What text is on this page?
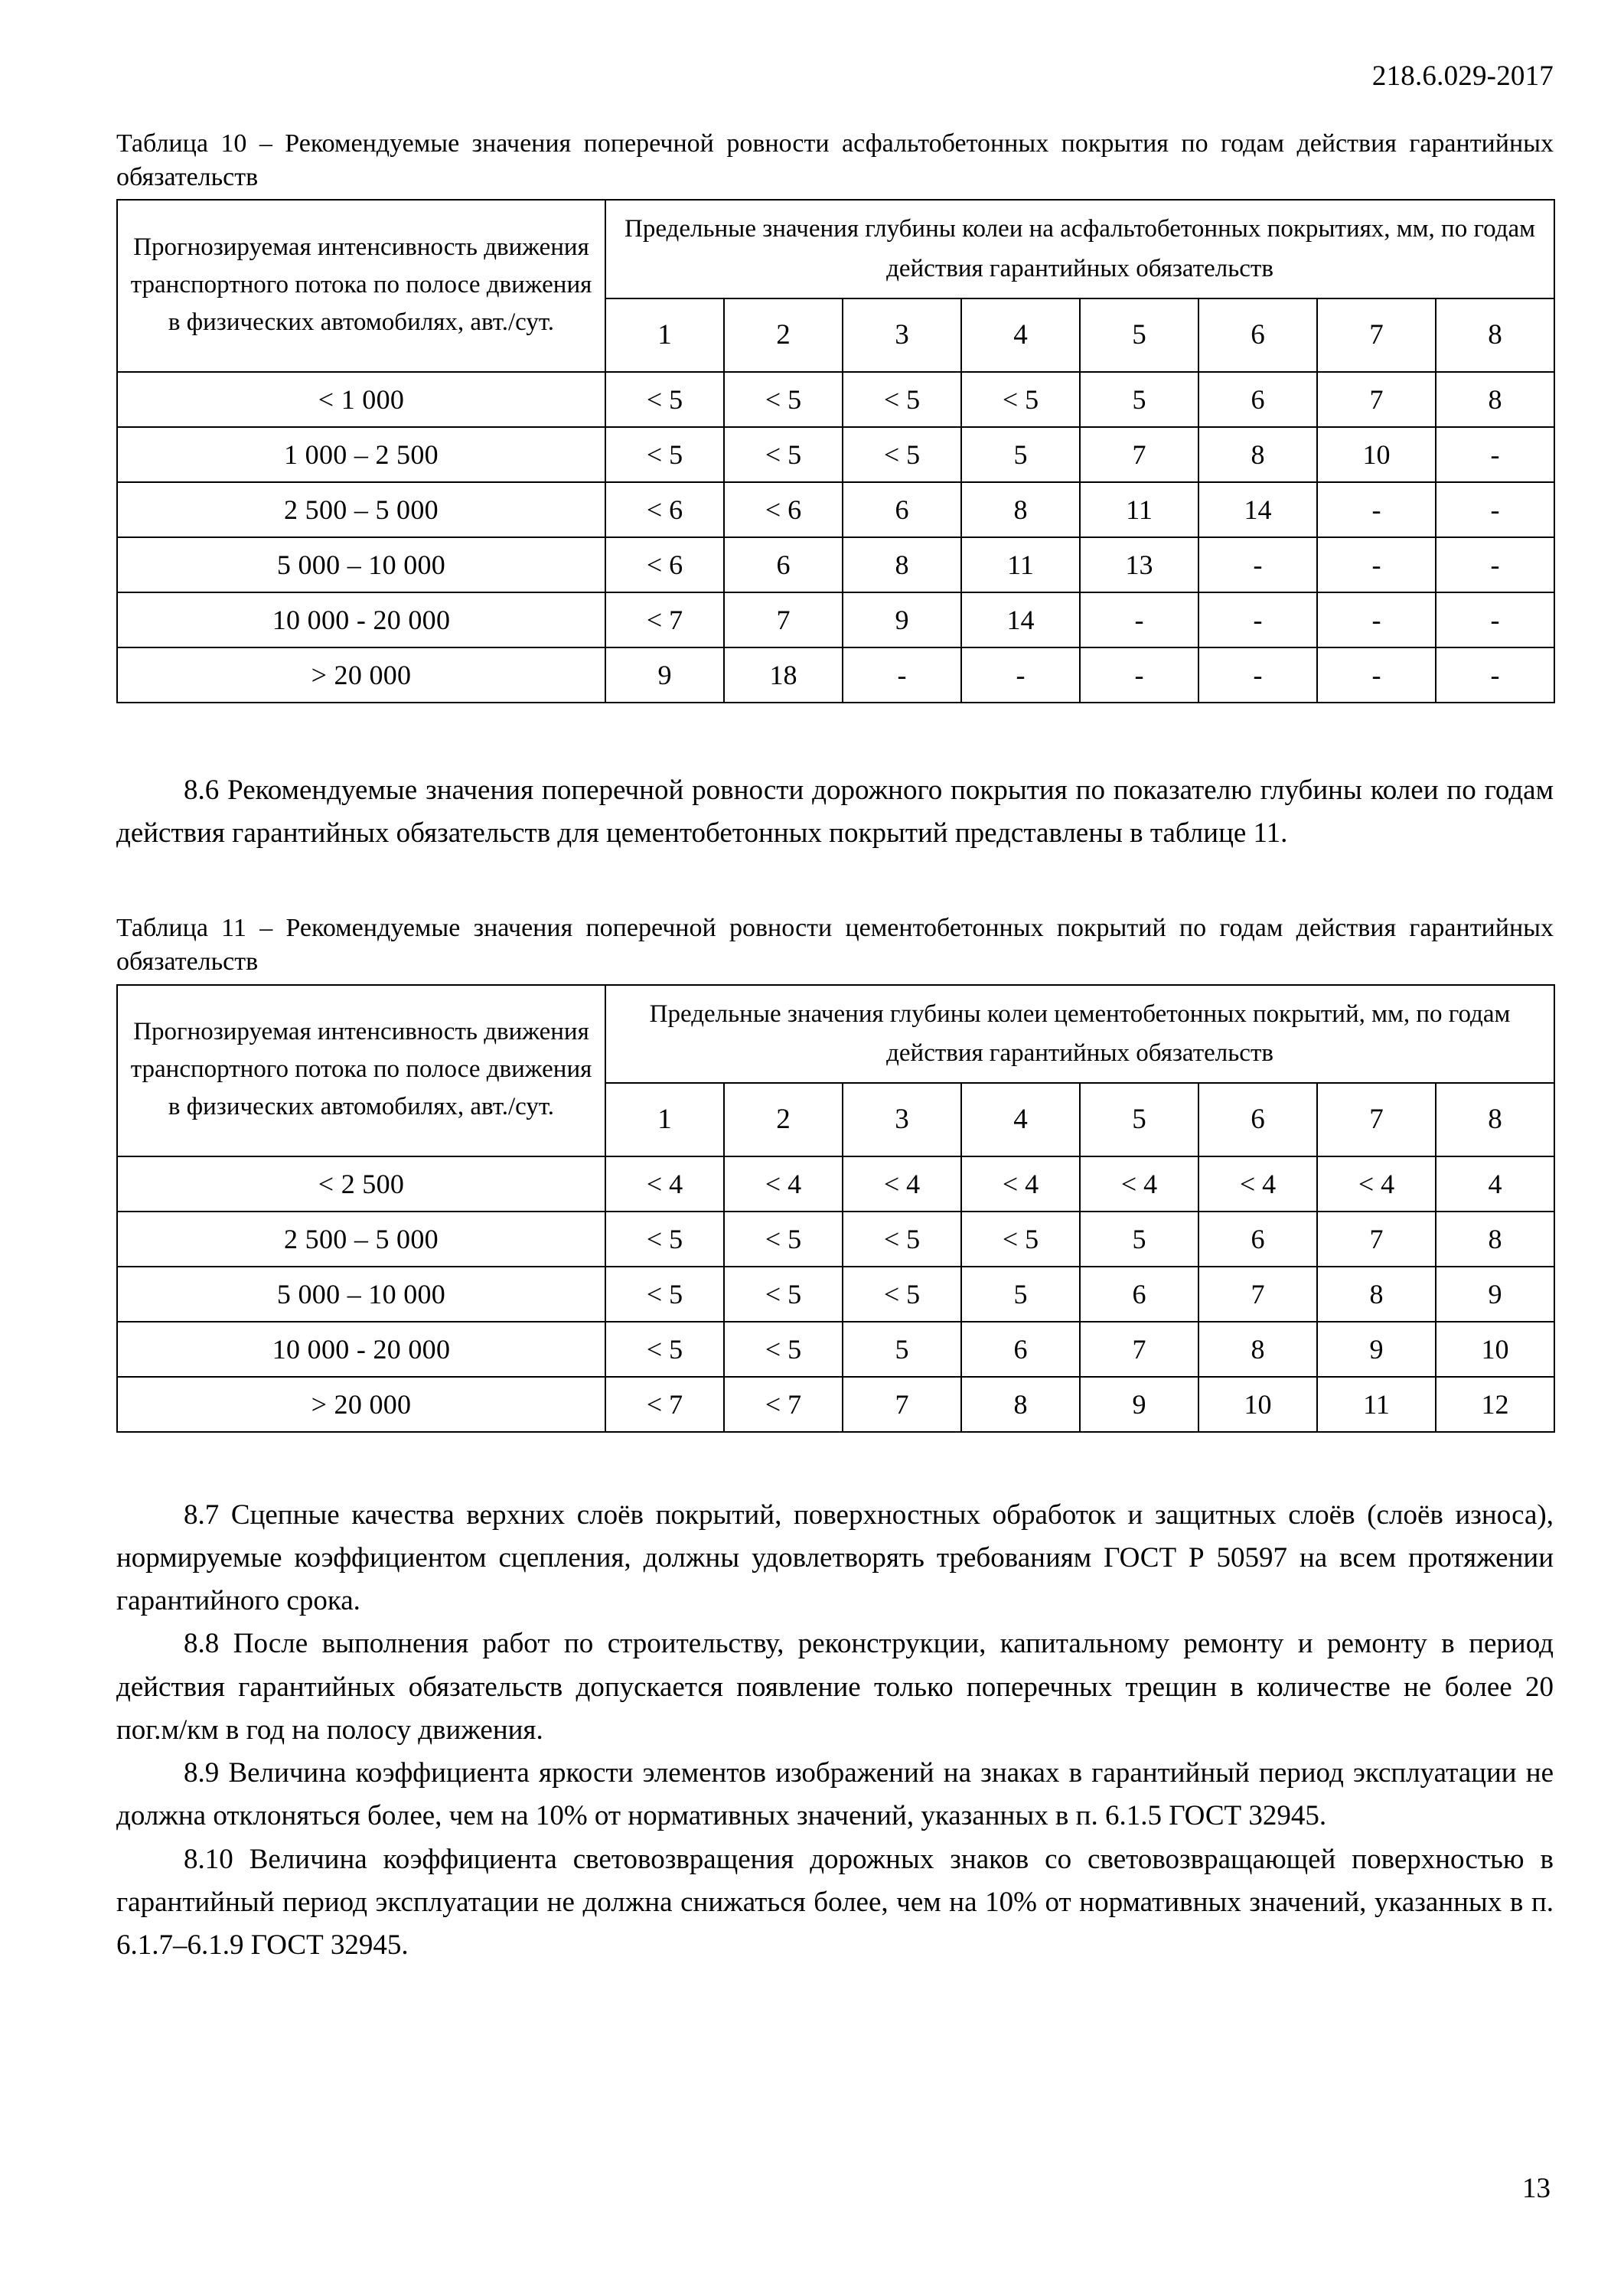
218.6.029-2017

Таблица 10 – Рекомендуемые значения поперечной ровности асфальтобетонных покрытия по годам действия гарантийных обязательств

Прогнозируемая интенсивность движения транспортного потока по полосе движения в физических автомобилях, авт./сут.	Предельные значения глубины колеи на асфальтобетонных покрытиях, мм, по годам действия гарантийных обязательств							
	1	2	3	4	5	6	7	8
< 1 000	< 5	< 5	< 5	< 5	5	6	7	8
1 000 – 2 500	< 5	< 5	< 5	5	7	8	10	-
2 500 – 5 000	< 6	< 6	6	8	11	14	-	-
5 000 – 10 000	< 6	6	8	11	13	-	-	-
10 000 - 20 000	< 7	7	9	14	-	-	-	-
> 20 000	9	18	-	-	-	-	-	-

8.6 Рекомендуемые значения поперечной ровности дорожного покрытия по показателю глубины колеи по годам действия гарантийных обязательств для цементобетонных покрытий представлены в таблице 11.

Таблица 11 – Рекомендуемые значения поперечной ровности цементобетонных покрытий по годам действия гарантийных обязательств

Прогнозируемая интенсивность движения транспортного потока по полосе движения в физических автомобилях, авт./сут.	Предельные значения глубины колеи цементобетонных покрытий, мм, по годам действия гарантийных обязательств							
	1	2	3	4	5	6	7	8
< 2 500	< 4	< 4	< 4	< 4	< 4	< 4	< 4	4
2 500 – 5 000	< 5	< 5	< 5	< 5	5	6	7	8
5 000 – 10 000	< 5	< 5	< 5	5	6	7	8	9
10 000 - 20 000	< 5	< 5	5	6	7	8	9	10
> 20 000	< 7	< 7	7	8	9	10	11	12

8.7 Сцепные качества верхних слоёв покрытий, поверхностных обработок и защитных слоёв (слоёв износа), нормируемые коэффициентом сцепления, должны удовлетворять требованиям ГОСТ Р 50597 на всем протяжении гарантийного срока.

8.8 После выполнения работ по строительству, реконструкции, капитальному ремонту и ремонту в период действия гарантийных обязательств допускается появление только поперечных трещин в количестве не более 20 пог.м/км в год на полосу движения.

8.9 Величина коэффициента яркости элементов изображений на знаках в гарантийный период эксплуатации не должна отклоняться более, чем на 10% от нормативных значений, указанных в п. 6.1.5 ГОСТ 32945.

8.10 Величина коэффициента световозвращения дорожных знаков со световозвращающей поверхностью в гарантийный период эксплуатации не должна снижаться более, чем на 10% от нормативных значений, указанных в п. 6.1.7–6.1.9 ГОСТ 32945.

13
